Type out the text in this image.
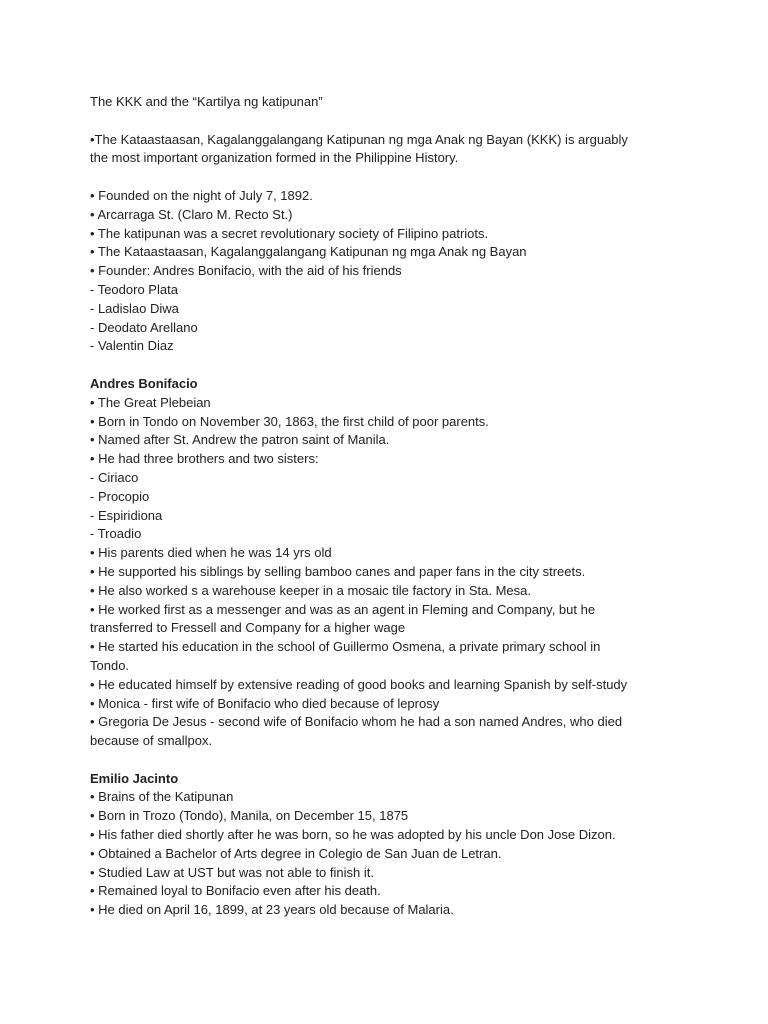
The KKK and the “Kartilya ng katipunan”

•The Kataastaasan, Kagalanggalangang Katipunan ng mga Anak ng Bayan (KKK) is arguably

the most important organization formed in the Philippine History.

• Founded on the night of July 7, 1892.

• Arcarraga St. (Claro M. Recto St.)

• The katipunan was a secret revolutionary society of Filipino patriots.

• The Kataastaasan, Kagalanggalangang Katipunan ng mga Anak ng Bayan

• Founder: Andres Bonifacio, with the aid of his friends

- Teodoro Plata

- Ladislao Diwa

- Deodato Arellano

- Valentin Diaz

Andres Bonifacio

• The Great Plebeian

• Born in Tondo on November 30, 1863, the first child of poor parents.

• Named after St. Andrew the patron saint of Manila.

• He had three brothers and two sisters:

- Ciriaco

- Procopio

- Espiridiona

- Troadio

• His parents died when he was 14 yrs old

• He supported his siblings by selling bamboo canes and paper fans in the city streets.

• He also worked s a warehouse keeper in a mosaic tile factory in Sta. Mesa.

• He worked first as a messenger and was as an agent in Fleming and Company, but he

transferred to Fressell and Company for a higher wage

• He started his education in the school of Guillermo Osmena, a private primary school in

Tondo.

• He educated himself by extensive reading of good books and learning Spanish by self-study

• Monica - first wife of Bonifacio who died because of leprosy

• Gregoria De Jesus - second wife of Bonifacio whom he had a son named Andres, who died

because of smallpox.

Emilio Jacinto

• Brains of the Katipunan

• Born in Trozo (Tondo), Manila, on December 15, 1875

• His father died shortly after he was born, so he was adopted by his uncle Don Jose Dizon.

• Obtained a Bachelor of Arts degree in Colegio de San Juan de Letran.

• Studied Law at UST but was not able to finish it.

• Remained loyal to Bonifacio even after his death.

• He died on April 16, 1899, at 23 years old because of Malaria.
